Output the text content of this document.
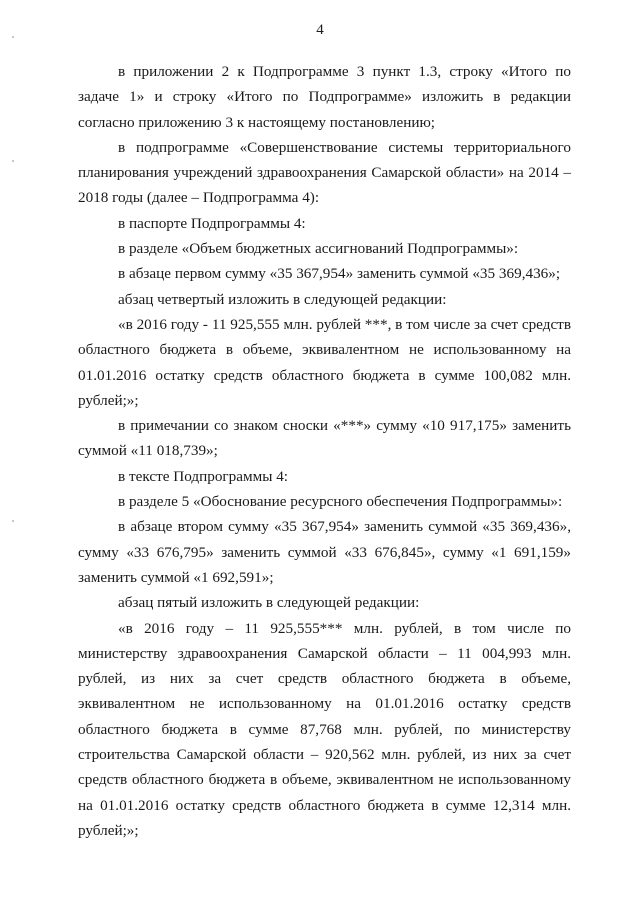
4

в приложении 2 к Подпрограмме 3 пункт 1.3, строку «Итого по задаче 1» и строку «Итого по Подпрограмме» изложить в редакции согласно приложению 3 к настоящему постановлению;

в подпрограмме «Совершенствование системы территориального планирования учреждений здравоохранения Самарской области» на 2014 – 2018 годы (далее – Подпрограмма 4):

в паспорте Подпрограммы 4:

в разделе «Объем бюджетных ассигнований Подпрограммы»:

в абзаце первом сумму «35 367,954» заменить суммой «35 369,436»;

абзац четвертый изложить в следующей редакции:

«в 2016 году - 11 925,555 млн. рублей ***, в том числе за счет средств областного бюджета в объеме, эквивалентном не использованному на 01.01.2016 остатку средств областного бюджета в сумме 100,082 млн. рублей;»;

в примечании со знаком сноски «***» сумму «10 917,175» заменить суммой «11 018,739»;

в тексте Подпрограммы 4:

в разделе 5 «Обоснование ресурсного обеспечения Подпрограммы»:

в абзаце втором сумму «35 367,954» заменить суммой «35 369,436», сумму «33 676,795» заменить суммой «33 676,845», сумму «1 691,159» заменить суммой «1 692,591»;

абзац пятый изложить в следующей редакции:

«в 2016 году – 11 925,555*** млн. рублей, в том числе по министерству здравоохранения Самарской области – 11 004,993 млн. рублей, из них за счет средств областного бюджета в объеме, эквивалентном не использованному на 01.01.2016 остатку средств областного бюджета в сумме 87,768 млн. рублей, по министерству строительства Самарской области – 920,562 млн. рублей, из них за счет средств областного бюджета в объеме, эквивалентном не использованному на 01.01.2016 остатку средств областного бюджета в сумме 12,314 млн. рублей;»;
